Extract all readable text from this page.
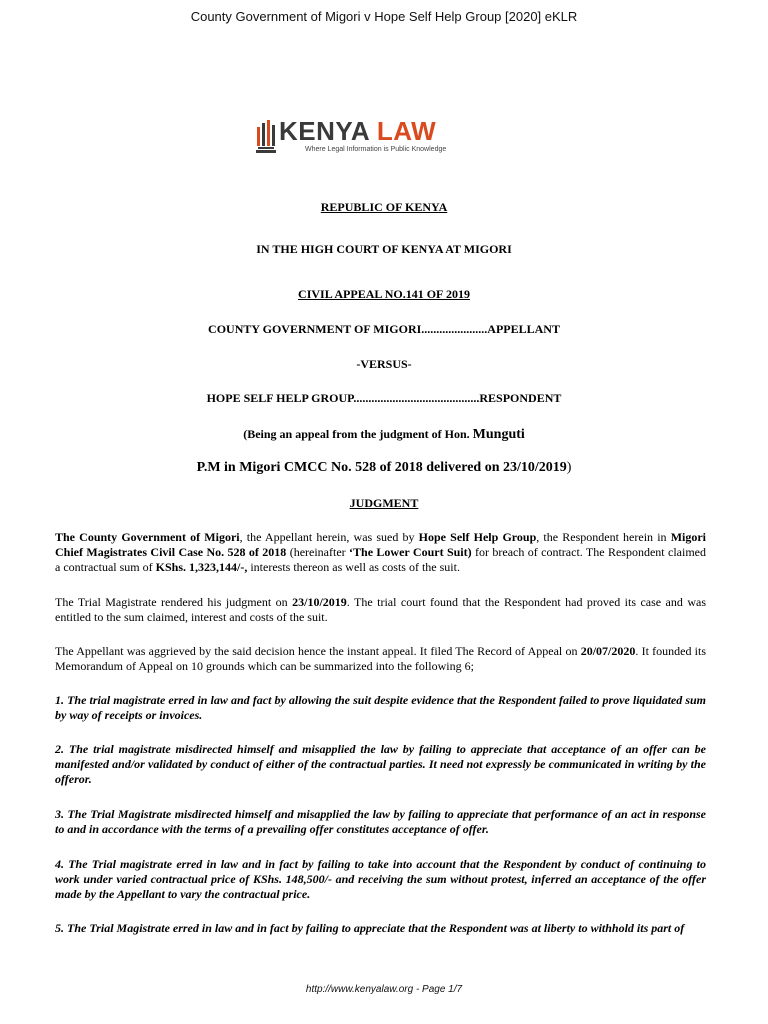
County Government of Migori v Hope Self Help Group [2020] eKLR
KENYA LAW
Where Legal Information is Public Knowledge
REPUBLIC OF KENYA
IN THE HIGH COURT OF KENYA AT MIGORI
CIVIL APPEAL NO.141 OF 2019
COUNTY GOVERNMENT OF MIGORI......................APPELLANT
-VERSUS-
HOPE SELF HELP GROUP..........................................RESPONDENT
(Being an appeal from the judgment of Hon. Munguti
P.M in Migori CMCC No. 528 of 2018 delivered on 23/10/2019)
JUDGMENT
The County Government of Migori, the Appellant herein, was sued by Hope Self Help Group, the Respondent herein in Migori Chief Magistrates Civil Case No. 528 of 2018 (hereinafter ‘The Lower Court Suit) for breach of contract. The Respondent claimed a contractual sum of KShs. 1,323,144/-, interests thereon as well as costs of the suit.
The Trial Magistrate rendered his judgment on 23/10/2019. The trial court found that the Respondent had proved its case and was entitled to the sum claimed, interest and costs of the suit.
The Appellant was aggrieved by the said decision hence the instant appeal. It filed The Record of Appeal on 20/07/2020. It founded its Memorandum of Appeal on 10 grounds which can be summarized into the following 6;
1. The trial magistrate erred in law and fact by allowing the suit despite evidence that the Respondent failed to prove liquidated sum by way of receipts or invoices.
2. The trial magistrate misdirected himself and misapplied the law by failing to appreciate that acceptance of an offer can be manifested and/or validated by conduct of either of the contractual parties. It need not expressly be communicated in writing by the offeror.
3. The Trial Magistrate misdirected himself and misapplied the law by failing to appreciate that performance of an act in response to and in accordance with the terms of a prevailing offer constitutes acceptance of offer.
4. The Trial magistrate erred in law and in fact by failing to take into account that the Respondent by conduct of continuing to work under varied contractual price of KShs. 148,500/- and receiving the sum without protest, inferred an acceptance of the offer made by the Appellant to vary the contractual price.
5. The Trial Magistrate erred in law and in fact by failing to appreciate that the Respondent was at liberty to withhold its part of
http://www.kenyalaw.org - Page 1/7
